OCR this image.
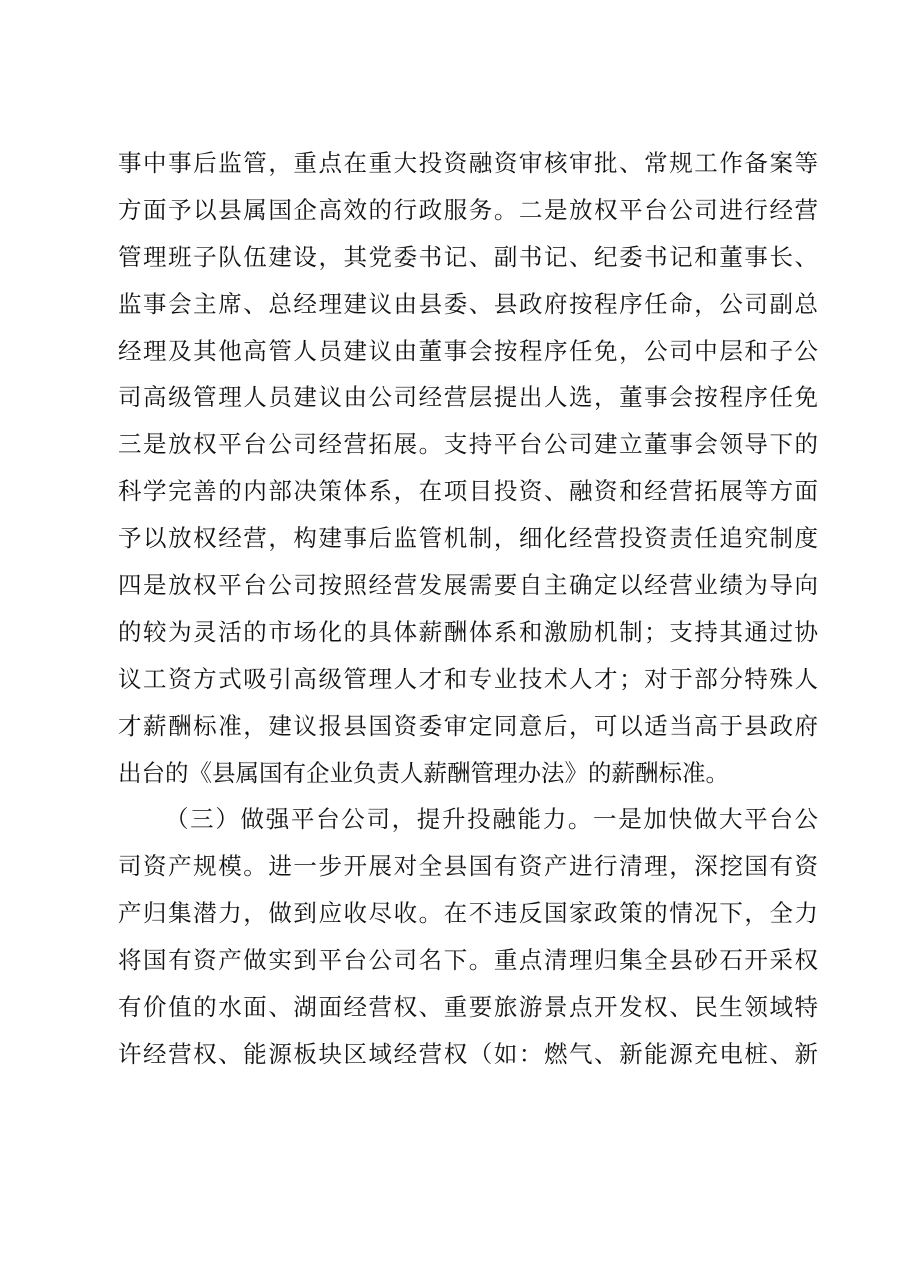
事中事后监管，重点在重大投资融资审核审批、常规工作备案等
方面予以县属国企高效的行政服务。二是放权平台公司进行经营
管理班子队伍建设，其党委书记、副书记、纪委书记和董事长、
监事会主席、总经理建议由县委、县政府按程序任命，公司副总
经理及其他高管人员建议由董事会按程序任免，公司中层和子公
司高级管理人员建议由公司经营层提出人选，董事会按程序任免
三是放权平台公司经营拓展。支持平台公司建立董事会领导下的
科学完善的内部决策体系，在项目投资、融资和经营拓展等方面
予以放权经营，构建事后监管机制，细化经营投资责任追究制度
四是放权平台公司按照经营发展需要自主确定以经营业绩为导向
的较为灵活的市场化的具体薪酬体系和激励机制；支持其通过协
议工资方式吸引高级管理人才和专业技术人才；对于部分特殊人
才薪酬标准，建议报县国资委审定同意后，可以适当高于县政府
出台的《县属国有企业负责人薪酬管理办法》的薪酬标准。
（三）做强平台公司，提升投融能力。一是加快做大平台公
司资产规模。进一步开展对全县国有资产进行清理，深挖国有资
产归集潜力，做到应收尽收。在不违反国家政策的情况下，全力
将国有资产做实到平台公司名下。重点清理归集全县砂石开采权
有价值的水面、湖面经营权、重要旅游景点开发权、民生领域特
许经营权、能源板块区域经营权（如：燃气、新能源充电桩、新
